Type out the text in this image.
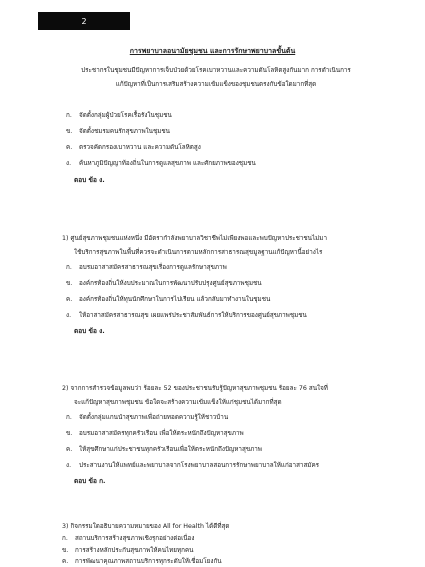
2
การพยาบาลอนามัยชุมชน และการรักษาพยาบาลขั้นต้น
ประชากรในชุมชนมีปัญหาการเจ็บป่วยด้วยโรคเบาหวานและความดันโลหิตสูงกันมาก การดำเนินการ
แก้ปัญหาที่เป็นการเสริมสร้างความเข้มแข็งของชุมชนตรงกับข้อใดมากที่สุด
ก. จัดตั้งกลุ่มผู้ป่วยโรคเรื้อรังในชุมชน
ข. จัดตั้งชมรมคนรักสุขภาพในชุมชน
ค. ตรวจคัดกรองเบาหวาน และความดันโลหิตสูง
ง. ค้นหาภูมิปัญญาท้องถิ่นในการดูแลสุขภาพ และศักยภาพของชุมชน
ตอบ ข้อ ง.
1) ศูนย์สุขภาพชุมชนแห่งหนึ่ง มีอัตรากำลังพยาบาลวิชาชีพไม่เพียงพอและพบปัญหาประชาชนไม่มา
ใช้บริการสุขภาพในพื้นที่ควรจะดำเนินการตามหลักการสาธารณสุขมูลฐานแก้ปัญหานี้อย่างไร
ก. อบรมอาสาสมัครสาธารณสุขเรื่องการดูแลรักษาสุขภาพ
ข. องค์กรท้องถิ่นให้งบประมาณในการพัฒนาปรับปรุงศูนย์สุขภาพชุมชน
ค. องค์กรท้องถิ่นให้ทุนนักศึกษาในการไปเรียน แล้วกลับมาทำงานในชุมชน
ง. ให้อาสาสมัครสาธารณสุข เผยแพร่ประชาสัมพันธ์การให้บริการของศูนย์สุขภาพชุมชน
ตอบ ข้อ ง.
2) จากการสำรวจข้อมูลพบว่า ร้อยละ 52 ของประชาชนรับรู้ปัญหาสุขภาพชุมชน ร้อยละ 76 สนใจที่
จะแก้ปัญหาสุขภาพชุมชน ข้อใดจะสร้างความเข้มแข็งให้แก่ชุมชนได้มากที่สุด
ก. จัดตั้งกลุ่มแกนนำสุขภาพเพื่อถ่ายทอดความรู้ให้ชาวบ้าน
ข. อบรมอาสาสมัครทุกครัวเรือน เพื่อให้ตระหนักถึงปัญหาสุขภาพ
ค. ให้สุขศึกษาแก่ประชาชนทุกครัวเรือนเพื่อให้ตระหนักถึงปัญหาสุขภาพ
ง. ประสานงานให้แพทย์และพยาบาลจากโรงพยาบาลสอนการรักษาพยาบาลให้แก่อาสาสมัคร
ตอบ ข้อ ก.
3) กิจกรรมใดอธิบายความหมายของ All for Health ได้ดีที่สุด
ก. สถานบริการสร้างสุขภาพเชิงรุกอย่างต่อเนื่อง
ข. การสร้างหลักประกันสุขภาพให้คนไทยทุกคน
ค. การพัฒนาคุณภาพสถานบริการทุกระดับให้เชื่อมโยงกัน
